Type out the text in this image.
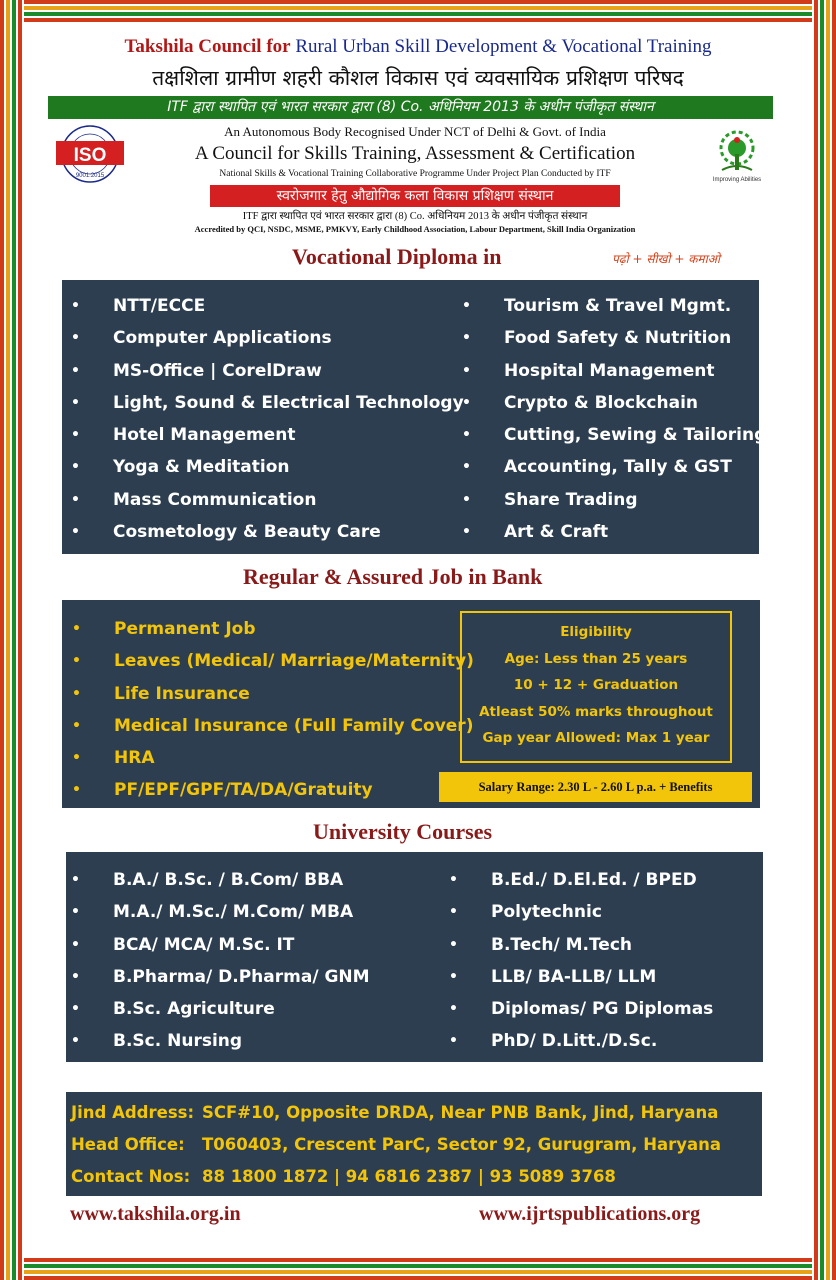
Takshila Council for Rural Urban Skill Development & Vocational Training
तक्षशिला ग्रामीण शहरी कौशल विकास एवं व्यवसायिक प्रशिक्षण परिषद
ITF द्वारा स्थापित एवं भारत सरकार द्वारा (8) Co. अधिनियम 2013 के अधीन पंजीकृत संस्थान
ISO
9001:2015
Improving Abilities
An Autonomous Body Recognised Under NCT of Delhi & Govt. of India
A Council for Skills Training, Assessment & Certification
National Skills & Vocational Training Collaborative Programme Under Project Plan Conducted by ITF
स्वरोजगार हेतु औद्योगिक कला विकास प्रशिक्षण संस्थान
ITF द्वारा स्थापित एवं भारत सरकार द्वारा (8) Co. अधिनियम 2013 के अधीन पंजीकृत संस्थान
Accredited by QCI, NSDC, MSME, PMKVY, Early Childhood Association, Labour Department, Skill India Organization
Vocational Diploma in	पढ़ो + सीखो + कमाओ
• NTT/ECCE
• Computer Applications
• MS-Office | CorelDraw
• Light, Sound & Electrical Technology
• Hotel Management
• Yoga & Meditation
• Mass Communication
• Cosmetology & Beauty Care
• Tourism & Travel Mgmt.
• Food Safety & Nutrition
• Hospital Management
• Crypto & Blockchain
• Cutting, Sewing & Tailoring
• Accounting, Tally & GST
• Share Trading
• Art & Craft
Regular & Assured Job in Bank
• Permanent Job
• Leaves (Medical/ Marriage/Maternity)
• Life Insurance
• Medical Insurance (Full Family Cover)
• HRA
• PF/EPF/GPF/TA/DA/Gratuity
Eligibility
Age: Less than 25 years
10 + 12 + Graduation
Atleast 50% marks throughout
Gap year Allowed: Max 1 year
Salary Range: 2.30 L - 2.60 L p.a. + Benefits
University Courses
• B.A./ B.Sc. / B.Com/ BBA
• M.A./ M.Sc./ M.Com/ MBA
• BCA/ MCA/ M.Sc. IT
• B.Pharma/ D.Pharma/ GNM
• B.Sc. Agriculture
• B.Sc. Nursing
• B.Ed./ D.El.Ed. / BPED
• Polytechnic
• B.Tech/ M.Tech
• LLB/ BA-LLB/ LLM
• Diplomas/ PG Diplomas
• PhD/ D.Litt./D.Sc.
Jind Address: SCF#10, Opposite DRDA, Near PNB Bank, Jind, Haryana
Head Office: T060403, Crescent ParC, Sector 92, Gurugram, Haryana
Contact Nos: 88 1800 1872 | 94 6816 2387 | 93 5089 3768
www.takshila.org.in	www.ijrtspublications.org
